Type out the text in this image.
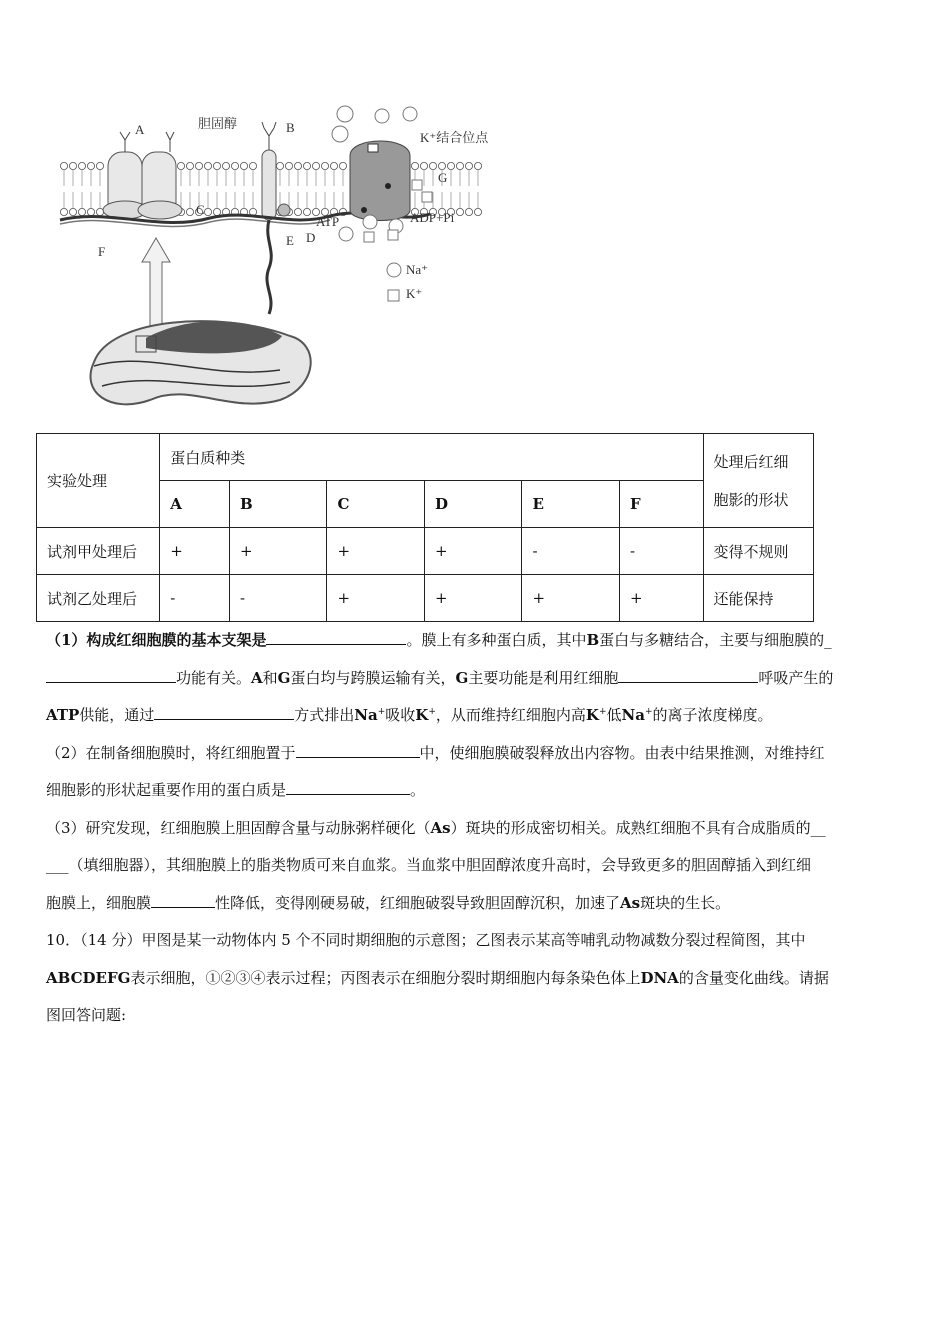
A	胆固醇	B
K⁺结合位点
G
C
ATP	ADP+Pi
E D
F
Na⁺
K⁺
实验处理	蛋白质种类						处理后红细胞影的形状
	A	B	C	D	E	F	
试剂甲处理后	+	+	+	+	-	-	变得不规则
试剂乙处理后	-	-	+	+	+	+	还能保持

（1）构成红细胞膜的基本支架是	。膜上有多种蛋白质，其中B蛋白与多糖结合，主要与细胞膜的_
功能有关。A和G蛋白均与跨膜运输有关，G主要功能是利用红细胞	呼吸产生的
ATP供能，通过	方式排出Na+吸收K+，从而维持红细胞内高K+低Na+的离子浓度梯度。

（2）在制备细胞膜时，将红细胞置于	中，使细胞膜破裂释放出内容物。由表中结果推测，对维持红
细胞影的形状起重要作用的蛋白质是	。

（3）研究发现，红细胞膜上胆固醇含量与动脉粥样硬化（As）斑块的形成密切相关。成熟红细胞不具有合成脂质的__
___（填细胞器），其细胞膜上的脂类物质可来自血浆。当血浆中胆固醇浓度升高时，会导致更多的胆固醇插入到红细
胞膜上，细胞膜	性降低，变得刚硬易破，红细胞破裂导致胆固醇沉积，加速了As斑块的生长。

10．（14 分）甲图是某一动物体内 5 个不同时期细胞的示意图；乙图表示某高等哺乳动物减数分裂过程简图，其中
ABCDEFG表示细胞，①②③④表示过程；丙图表示在细胞分裂时期细胞内每条染色体上DNA的含量变化曲线。请据
图回答问题:
